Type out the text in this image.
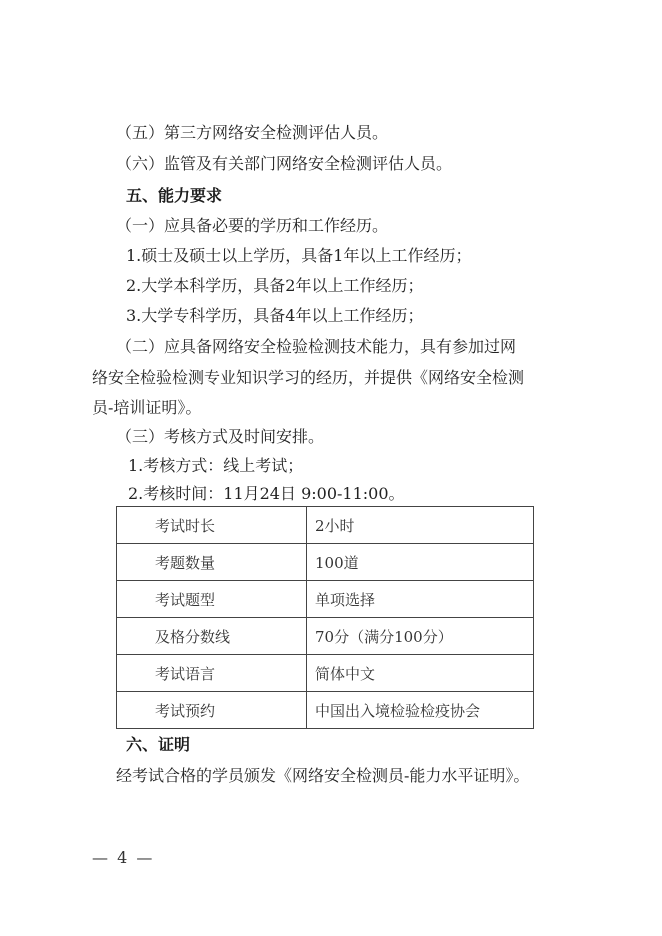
（五）第三方网络安全检测评估人员。
（六）监管及有关部门网络安全检测评估人员。
五、能力要求
（一）应具备必要的学历和工作经历。
1.硕士及硕士以上学历，具备1年以上工作经历；
2.大学本科学历，具备2年以上工作经历；
3.大学专科学历，具备4年以上工作经历；
（二）应具备网络安全检验检测技术能力，具有参加过网
络安全检验检测专业知识学习的经历，并提供《网络安全检测
员-培训证明》。
（三）考核方式及时间安排。
1.考核方式：线上考试；
2.考核时间：11月24日 9:00-11:00。
考试时长	2小时
考题数量	100道
考试题型	单项选择
及格分数线	70分（满分100分）
考试语言	简体中文
考试预约	中国出入境检验检疫协会
六、证明
经考试合格的学员颁发《网络安全检测员-能力水平证明》。
— 4 —
